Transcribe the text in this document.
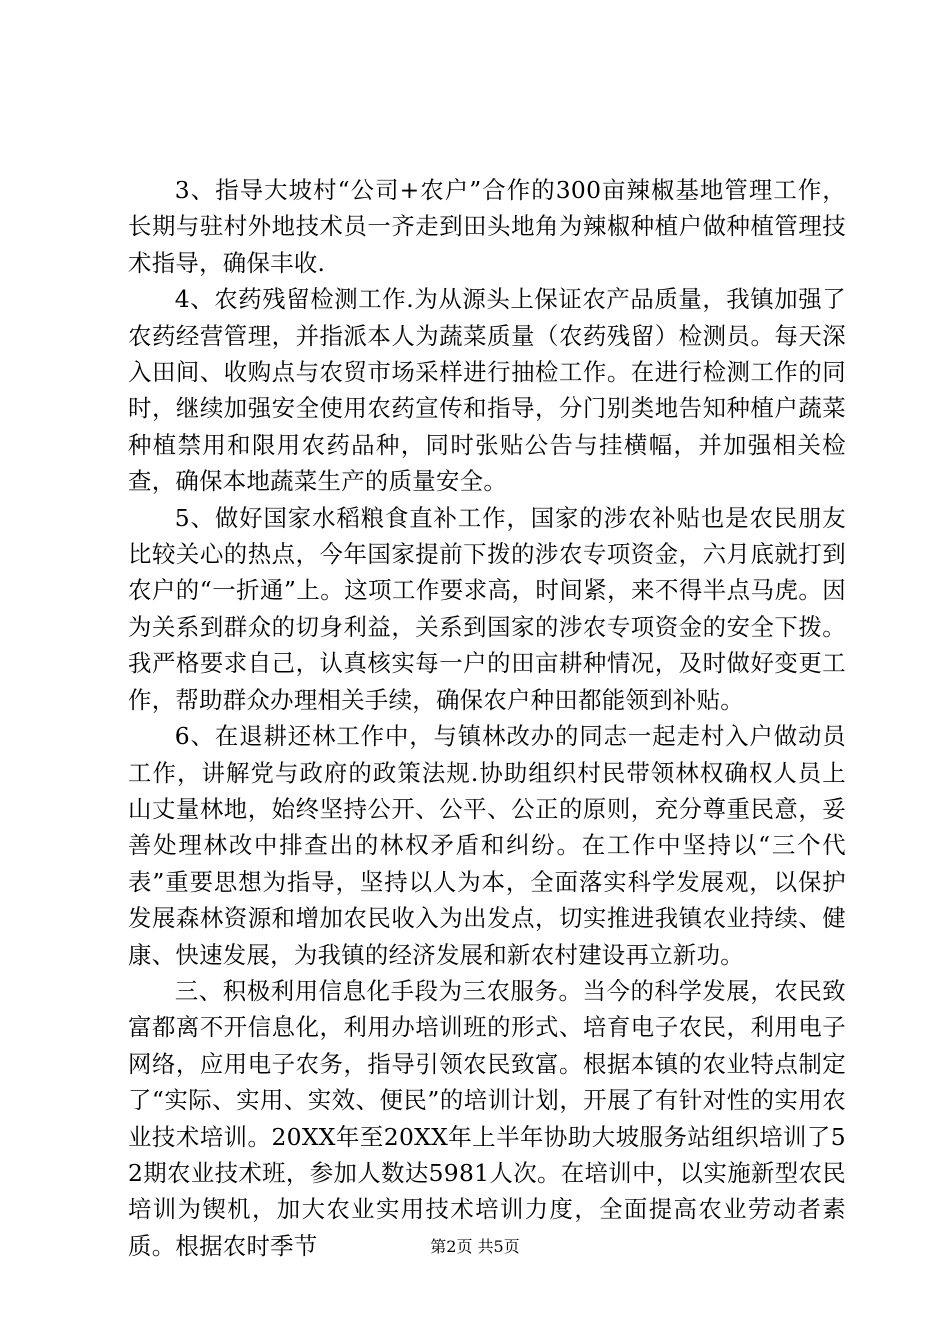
3、指导大坡村“公司+农户”合作的300亩辣椒基地管理工作，长期与驻村外地技术员一齐走到田头地角为辣椒种植户做种植管理技术指导，确保丰收.

4、农药残留检测工作.为从源头上保证农产品质量，我镇加强了农药经营管理，并指派本人为蔬菜质量（农药残留）检测员。每天深入田间、收购点与农贸市场采样进行抽检工作。在进行检测工作的同时，继续加强安全使用农药宣传和指导，分门别类地告知种植户蔬菜种植禁用和限用农药品种，同时张贴公告与挂横幅，并加强相关检查，确保本地蔬菜生产的质量安全。

5、做好国家水稻粮食直补工作，国家的涉农补贴也是农民朋友比较关心的热点，今年国家提前下拨的涉农专项资金，六月底就打到农户的“一折通”上。这项工作要求高，时间紧，来不得半点马虎。因为关系到群众的切身利益，关系到国家的涉农专项资金的安全下拨。我严格要求自己，认真核实每一户的田亩耕种情况，及时做好变更工作，帮助群众办理相关手续，确保农户种田都能领到补贴。

6、在退耕还林工作中，与镇林改办的同志一起走村入户做动员工作，讲解党与政府的政策法规.协助组织村民带领林权确权人员上山丈量林地，始终坚持公开、公平、公正的原则，充分尊重民意，妥善处理林改中排查出的林权矛盾和纠纷。在工作中坚持以“三个代表”重要思想为指导，坚持以人为本，全面落实科学发展观，以保护发展森林资源和增加农民收入为出发点，切实推进我镇农业持续、健康、快速发展，为我镇的经济发展和新农村建设再立新功。

三、积极利用信息化手段为三农服务。当今的科学发展，农民致富都离不开信息化，利用办培训班的形式、培育电子农民，利用电子网络，应用电子农务，指导引领农民致富。根据本镇的农业特点制定了“实际、实用、实效、便民”的培训计划，开展了有针对性的实用农业技术培训。20XX年至20XX年上半年协助大坡服务站组织培训了52期农业技术班，参加人数达5981人次。在培训中，以实施新型农民培训为锲机，加大农业实用技术培训力度，全面提高农业劳动者素质。根据农时季节	第2页 共5页
